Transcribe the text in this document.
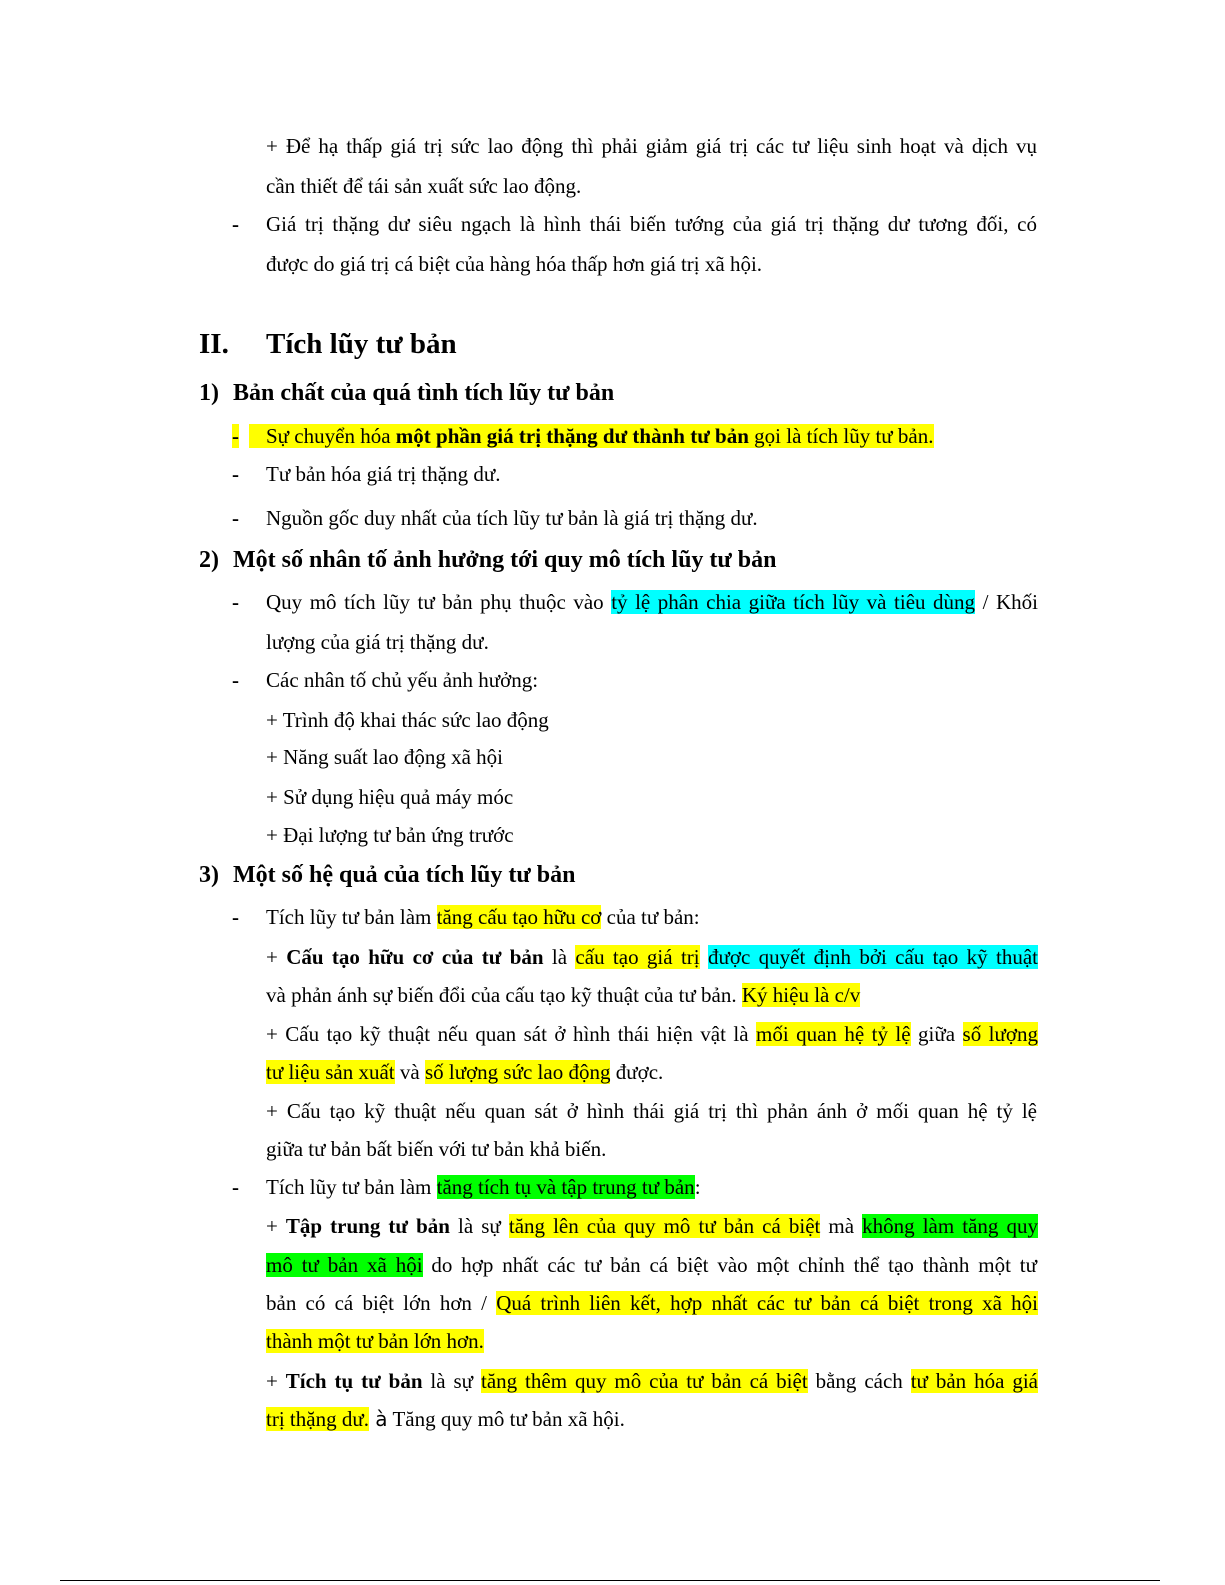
+ Để hạ thấp giá trị sức lao động thì phải giảm giá trị các tư liệu sinh hoạt và dịch vụ
cần thiết để tái sản xuất sức lao động.
- Giá trị thặng dư siêu ngạch là hình thái biến tướng của giá trị thặng dư tương đối, có
được do giá trị cá biệt của hàng hóa thấp hơn giá trị xã hội.
II. Tích lũy tư bản
1) Bản chất của quá tình tích lũy tư bản
-	Sự chuyển hóa một phần giá trị thặng dư thành tư bản gọi là tích lũy tư bản.
- Tư bản hóa giá trị thặng dư.
- Nguồn gốc duy nhất của tích lũy tư bản là giá trị thặng dư.
2) Một số nhân tố ảnh hưởng tới quy mô tích lũy tư bản
- Quy mô tích lũy tư bản phụ thuộc vào tỷ lệ phân chia giữa tích lũy và tiêu dùng / Khối
lượng của giá trị thặng dư.
- Các nhân tố chủ yếu ảnh hưởng:
+ Trình độ khai thác sức lao động
+ Năng suất lao động xã hội
+ Sử dụng hiệu quả máy móc
+ Đại lượng tư bản ứng trước
3) Một số hệ quả của tích lũy tư bản
- Tích lũy tư bản làm tăng cấu tạo hữu cơ của tư bản:
+ Cấu tạo hữu cơ của tư bản là cấu tạo giá trị được quyết định bởi cấu tạo kỹ thuật
và phản ánh sự biến đổi của cấu tạo kỹ thuật của tư bản. Ký hiệu là c/v
+ Cấu tạo kỹ thuật nếu quan sát ở hình thái hiện vật là mối quan hệ tỷ lệ giữa số lượng
tư liệu sản xuất và số lượng sức lao động được.
+ Cấu tạo kỹ thuật nếu quan sát ở hình thái giá trị thì phản ánh ở mối quan hệ tỷ lệ
giữa tư bản bất biến với tư bản khả biến.
- Tích lũy tư bản làm tăng tích tụ và tập trung tư bản:
+ Tập trung tư bản là sự tăng lên của quy mô tư bản cá biệt mà không làm tăng quy
mô tư bản xã hội do hợp nhất các tư bản cá biệt vào một chỉnh thể tạo thành một tư
bản có cá biệt lớn hơn / Quá trình liên kết, hợp nhất các tư bản cá biệt trong xã hội
thành một tư bản lớn hơn.
+ Tích tụ tư bản là sự tăng thêm quy mô của tư bản cá biệt bằng cách tư bản hóa giá
trị thặng dư. à Tăng quy mô tư bản xã hội.
